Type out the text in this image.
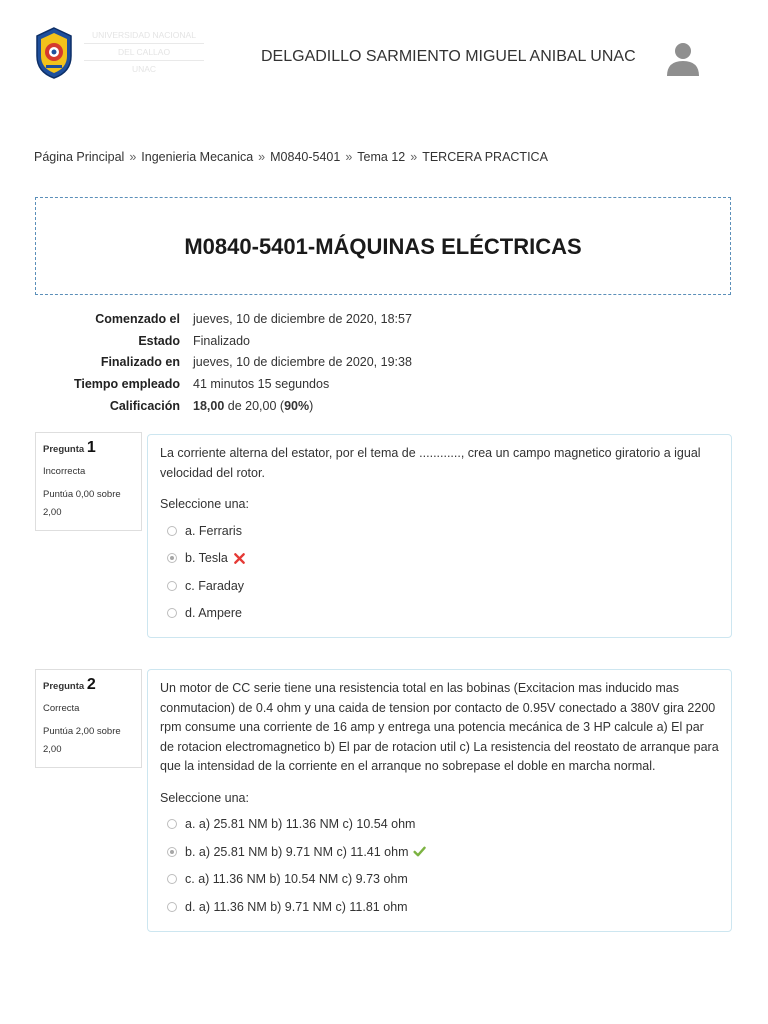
UNIVERSIDAD NACIONAL
DEL CALLAO
UNAC
DELGADILLO SARMIENTO MIGUEL ANIBAL UNAC
Página Principal » Ingenieria Mecanica » M0840-5401 » Tema 12 » TERCERA PRACTICA
M0840-5401-MÁQUINAS ELÉCTRICAS
Comenzado el	jueves, 10 de diciembre de 2020, 18:57
Estado	Finalizado
Finalizado en	jueves, 10 de diciembre de 2020, 19:38
Tiempo empleado	41 minutos 15 segundos
Calificación	18,00 de 20,00 (90%)
Pregunta 1
Incorrecta
Puntúa 0,00 sobre
2,00
La corriente alterna del estator, por el tema de ............, crea un campo magnetico giratorio a igual velocidad del rotor.
Seleccione una:
a. Ferraris
b. Tesla
c. Faraday
d. Ampere
Pregunta 2
Correcta
Puntúa 2,00 sobre
2,00
Un motor de CC serie tiene una resistencia total en las bobinas (Excitacion mas inducido mas conmutacion) de 0.4 ohm y una caida de tension por contacto de 0.95V conectado a 380V gira 2200 rpm consume una corriente de 16 amp y entrega una potencia mecánica de 3 HP calcule a) El par de rotacion electromagnetico b) El par de rotacion util c) La resistencia del reostato de arranque para que la intensidad de la corriente en el arranque no sobrepase el doble en marcha normal.
Seleccione una:
a. a) 25.81 NM b) 11.36 NM c) 10.54 ohm
b. a) 25.81 NM b) 9.71 NM c) 11.41 ohm
c. a) 11.36 NM b) 10.54 NM c) 9.73 ohm
d. a) 11.36 NM b) 9.71 NM c) 11.81 ohm
